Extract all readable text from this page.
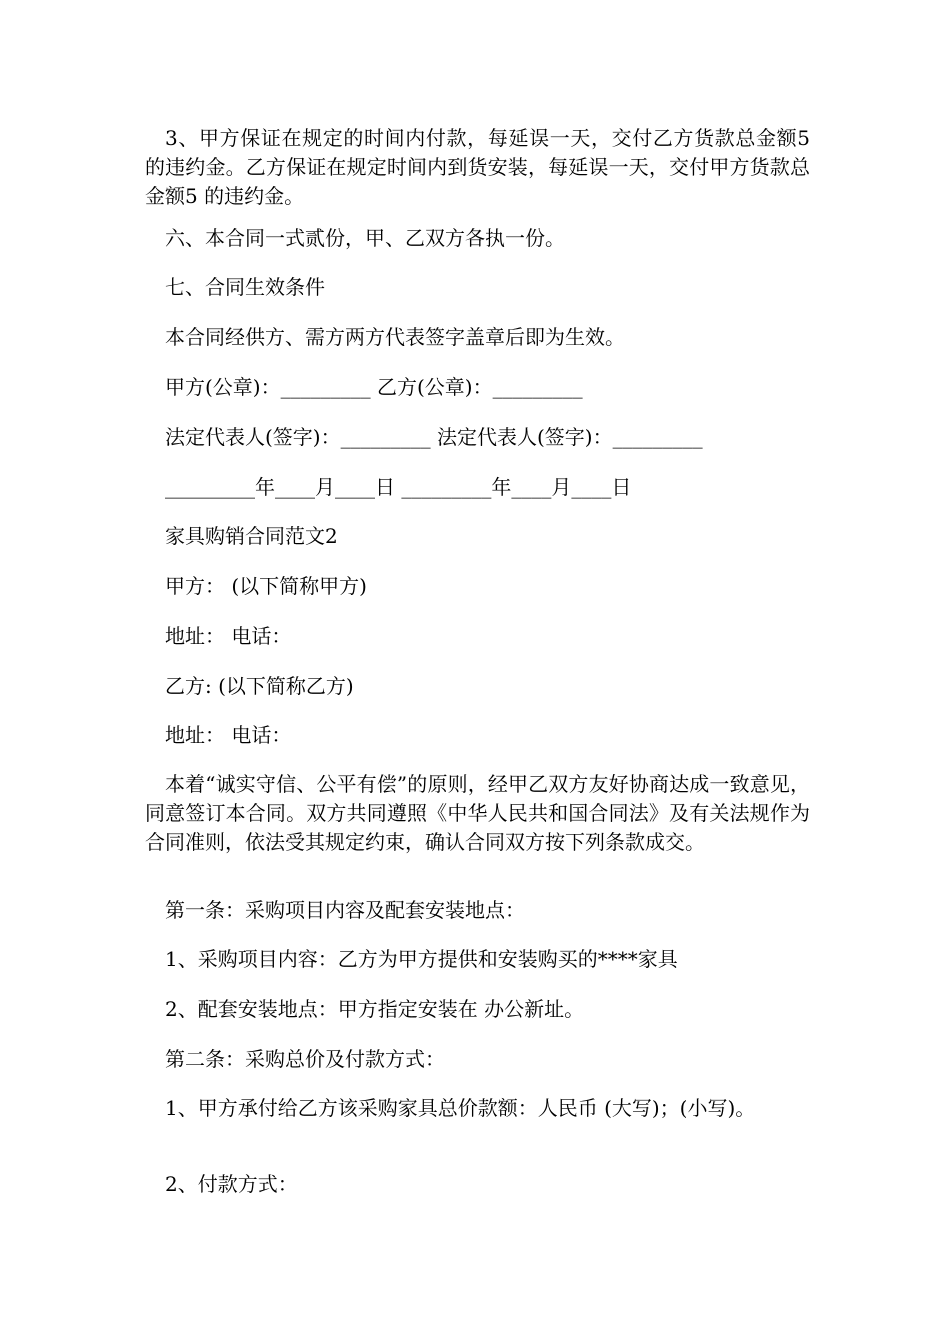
3、甲方保证在规定的时间内付款，每延误一天，交付乙方货款总金额5 的违约金。乙方保证在规定时间内到货安装，每延误一天，交付甲方货款总金额5 的违约金。

六、本合同一式贰份，甲、乙双方各执一份。

七、合同生效条件

本合同经供方、需方两方代表签字盖章后即为生效。

甲方(公章)：_________ 乙方(公章)：_________

法定代表人(签字)：_________ 法定代表人(签字)：_________

_________年____月____日 _________年____月____日

家具购销合同范文2

甲方： (以下简称甲方)

地址： 电话：

乙方: (以下简称乙方)

地址： 电话：

本着“诚实守信、公平有偿”的原则，经甲乙双方友好协商达成一致意见，同意签订本合同。双方共同遵照《中华人民共和国合同法》及有关法规作为合同准则，依法受其规定约束，确认合同双方按下列条款成交。

第一条：采购项目内容及配套安装地点：

1、采购项目内容：乙方为甲方提供和安装购买的****家具

2、配套安装地点：甲方指定安装在 办公新址。

第二条：采购总价及付款方式：

1、甲方承付给乙方该采购家具总价款额：人民币 (大写)；(小写)。

2、付款方式：
